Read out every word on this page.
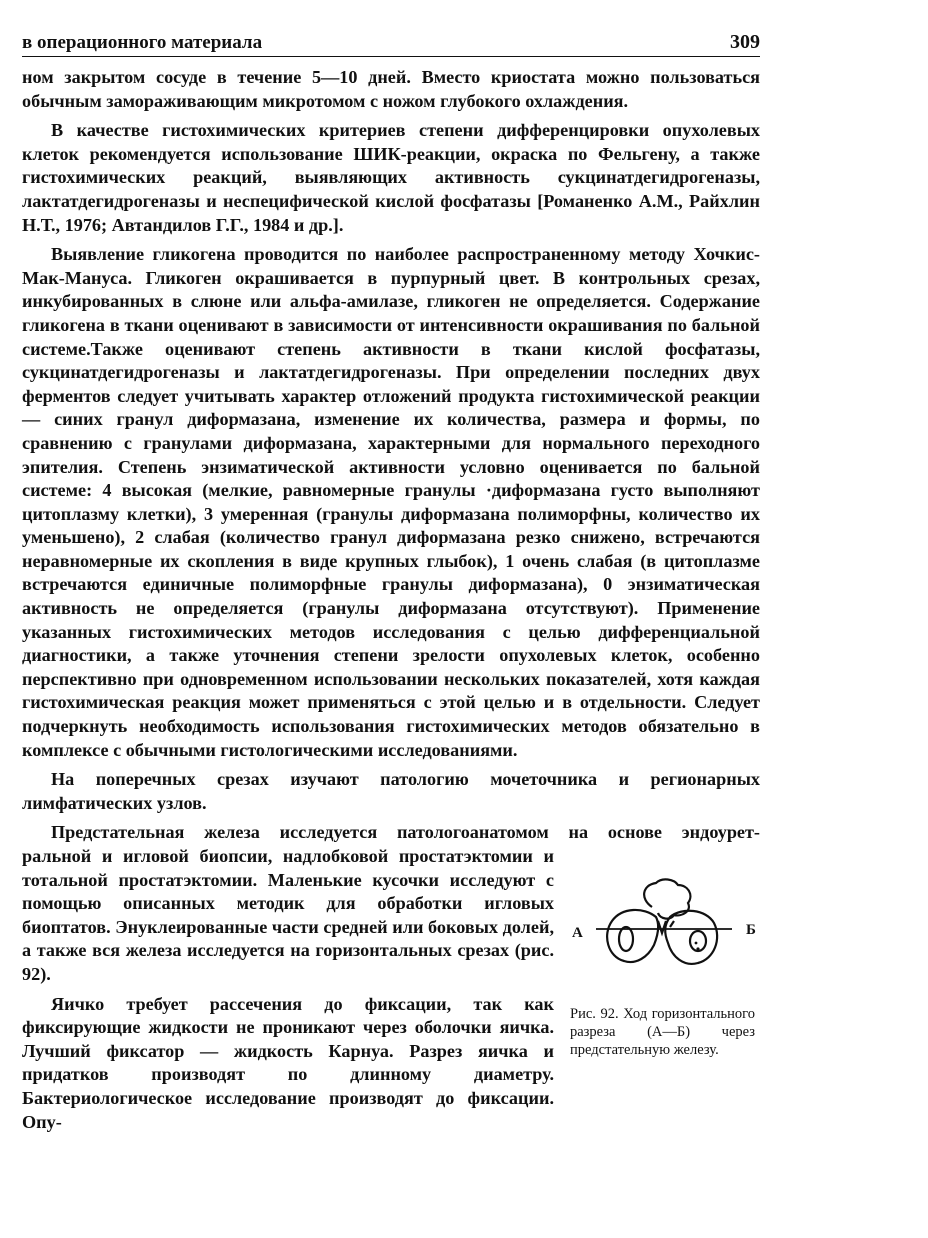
в операционного материала	309

ном закрытом сосуде в течение 5—10 дней. Вместо криостата можно пользоваться обычным замораживающим микротомом с ножом глубокого охлаждения.

В качестве гистохимических критериев степени дифференцировки опухолевых клеток рекомендуется использование ШИК-реакции, окраска по Фельгену, а также гистохимических реакций, выявляющих активность сукцинатдегидрогеназы, лактатдегидрогеназы и неспецифической кислой фосфатазы [Романенко А.М., Райхлин Н.Т., 1976; Автандилов Г.Г., 1984 и др.].

Выявление гликогена проводится по наиболее распространенному методу Хочкис-Мак-Мануса. Гликоген окрашивается в пурпурный цвет. В контрольных срезах, инкубированных в слюне или альфа-амилазе, гликоген не определяется. Содержание гликогена в ткани оценивают в зависимости от интенсивности окрашивания по бальной системе.Также оценивают степень активности в ткани кислой фосфатазы, сукцинатдегидрогеназы и лактатдегидрогеназы. При определении последних двух ферментов следует учитывать характер отложений продукта гистохимической реакции — синих гранул диформазана, изменение их количества, размера и формы, по сравнению с гранулами диформазана, характерными для нормального переходного эпителия. Степень энзиматической активности условно оценивается по бальной системе: 4 высокая (мелкие, равномерные гранулы ·диформазана густо выполняют цитоплазму клетки), 3 умеренная (гранулы диформазана полиморфны, количество их уменьшено), 2 слабая (количество гранул диформазана резко снижено, встречаются неравномерные их скопления в виде крупных глыбок), 1 очень слабая (в цитоплазме встречаются единичные полиморфные гранулы диформазана), 0 энзиматическая активность не определяется (гранулы диформазана отсутствуют). Применение указанных гистохимических методов исследования с целью дифференциальной диагностики, а также уточнения степени зрелости опухолевых клеток, особенно перспективно при одновременном использовании нескольких показателей, хотя каждая гистохимическая реакция может применяться с этой целью и в отдельности. Следует подчеркнуть необходимость использования гистохимических методов обязательно в комплексе с обычными гистологическими исследованиями.

На поперечных срезах изучают патологию мочеточника и регионарных лимфатических узлов.

Предстательная железа исследуется патологоанатомом на основе эндоурет-

ральной и игловой биопсии, надлобковой простатэктомии и тотальной простатэктомии. Маленькие кусочки исследуют с помощью описанных методик для обработки игловых биоптатов. Энуклеированные части средней или боковых долей, а также вся железа исследуется на горизонтальных срезах (рис. 92).

Яичко требует рассечения до фиксации, так как фиксирующие жидкости не проникают через оболочки яичка. Лучший фиксатор — жидкость Карнуа. Разрез яичка и придатков производят по длинному диаметру. Бактериологическое исследование производят до фиксации. Опу-

А	Б
Рис. 92. Ход горизонтального разреза (А—Б) через предстательную железу.
